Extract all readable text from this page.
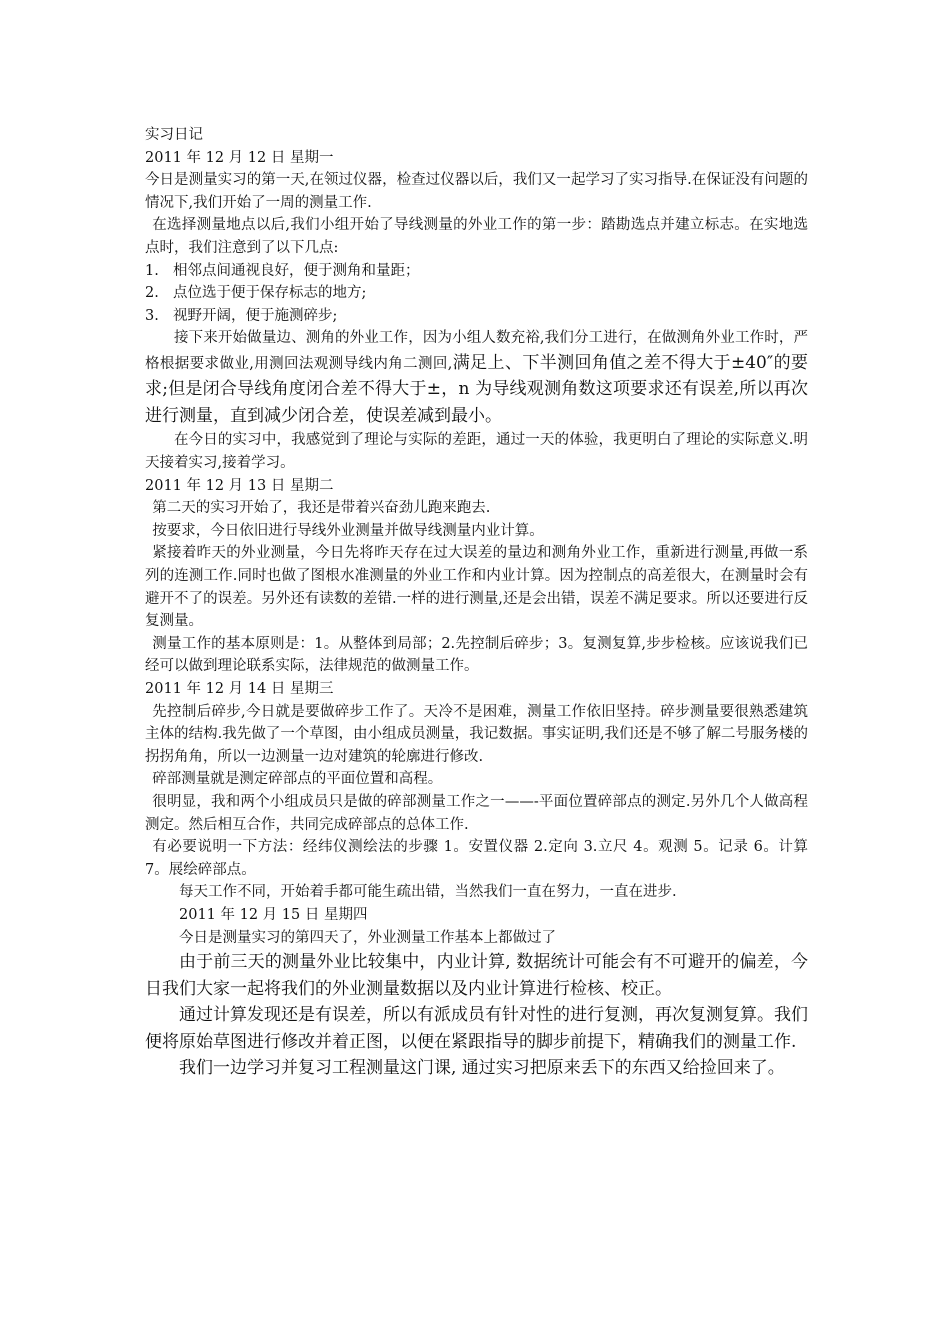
实习日记
2011 年 12 月 12 日 星期一

今日是测量实习的第一天,在领过仪器，检查过仪器以后，我们又一起学习了实习指导.在保证没有问题的情况下,我们开始了一周的测量工作.

在选择测量地点以后,我们小组开始了导线测量的外业工作的第一步：踏勘选点并建立标志。在实地选点时，我们注意到了以下几点:

1. 相邻点间通视良好，便于测角和量距；
2. 点位选于便于保存标志的地方;
3. 视野开阔，便于施测碎步;

接下来开始做量边、测角的外业工作，因为小组人数充裕,我们分工进行，在做测角外业工作时，严格根据要求做业,用测回法观测导线内角二测回,满足上、下半测回角值之差不得大于±40″的要求;但是闭合导线角度闭合差不得大于±，n 为导线观测角数这项要求还有误差,所以再次进行测量，直到减少闭合差，使误差减到最小。

在今日的实习中，我感觉到了理论与实际的差距，通过一天的体验，我更明白了理论的实际意义.明天接着实习,接着学习。

2011 年 12 月 13 日 星期二

第二天的实习开始了，我还是带着兴奋劲儿跑来跑去.

按要求，今日依旧进行导线外业测量并做导线测量内业计算。

紧接着昨天的外业测量，今日先将昨天存在过大误差的量边和测角外业工作，重新进行测量,再做一系列的连测工作.同时也做了图根水准测量的外业工作和内业计算。因为控制点的高差很大，在测量时会有避开不了的误差。另外还有读数的差错.一样的进行测量,还是会出错，误差不满足要求。所以还要进行反复测量。

测量工作的基本原则是：1。从整体到局部；2.先控制后碎步；3。复测复算,步步检核。应该说我们已经可以做到理论联系实际，法律规范的做测量工作。

2011 年 12 月 14 日 星期三

先控制后碎步,今日就是要做碎步工作了。天冷不是困难，测量工作依旧坚持。碎步测量要很熟悉建筑主体的结构.我先做了一个草图，由小组成员测量，我记数据。事实证明,我们还是不够了解二号服务楼的拐拐角角，所以一边测量一边对建筑的轮廓进行修改.

碎部测量就是测定碎部点的平面位置和高程。

很明显，我和两个小组成员只是做的碎部测量工作之一——-平面位置碎部点的测定.另外几个人做高程测定。然后相互合作，共同完成碎部点的总体工作.

有必要说明一下方法：经纬仪测绘法的步骤 1。安置仪器 2.定向 3.立尺 4。观测 5。记录 6。计算 7。展绘碎部点。

每天工作不同，开始着手都可能生疏出错，当然我们一直在努力，一直在进步.

2011 年 12 月 15 日 星期四

今日是测量实习的第四天了，外业测量工作基本上都做过了

由于前三天的测量外业比较集中，内业计算, 数据统计可能会有不可避开的偏差，今日我们大家一起将我们的外业测量数据以及内业计算进行检核、校正。

通过计算发现还是有误差，所以有派成员有针对性的进行复测，再次复测复算。我们便将原始草图进行修改并着正图，以便在紧跟指导的脚步前提下，精确我们的测量工作.

我们一边学习并复习工程测量这门课, 通过实习把原来丢下的东西又给捡回来了。
